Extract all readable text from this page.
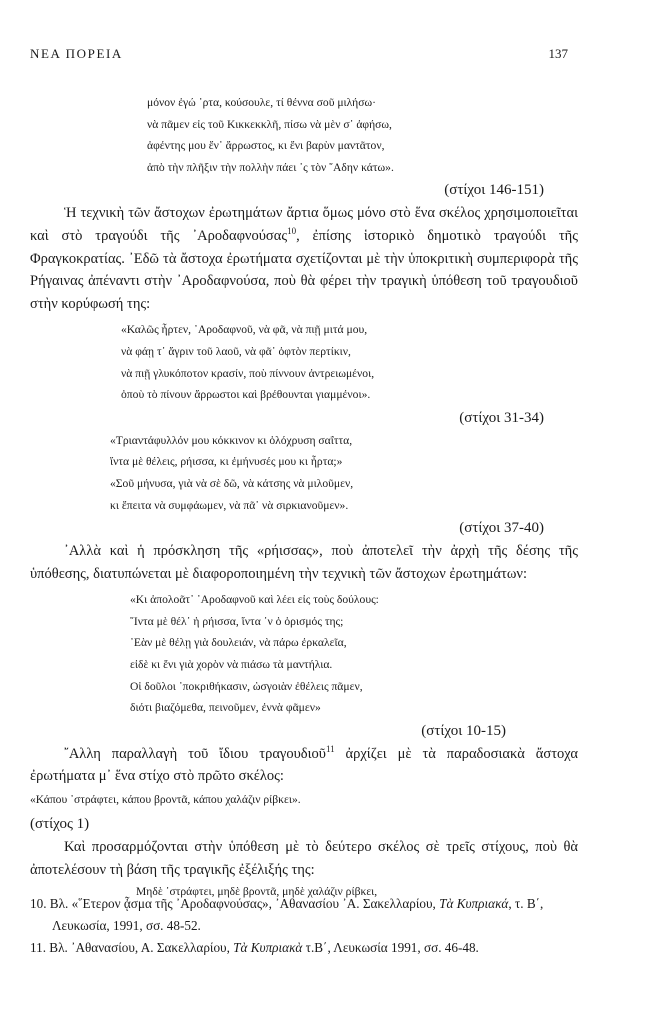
ΝΕΑ ΠΟΡΕΙΑ	137
μόνον ἐγώ ᾽ρτα, κούσουλε, τί θέννα σοῦ μιλήσω·
νὰ πᾶμεν εἰς τοῦ Κικκεκκλῆ, πίσω νὰ μὲν σ᾽ ἀφήσω,
ἀφέντης μου ἔν᾽ ἄρρωστος, κι ἔνι βαρὺν μαντᾶτον,
ἀπὸ τὴν πλῆξιν τὴν πολλὴν πάει ᾽ς τὸν ῞Αδην κάτω».
(στίχοι 146-151)
Ἡ τεχνικὴ τῶν ἄστοχων ἐρωτημάτων ἄρτια ὅμως μόνο στὸ ἕνα σκέλος χρησιμοποιεῖται καὶ στὸ τραγούδι τῆς ᾽Αροδαφνούσας$^{10}$, ἐπίσης ἱστορικὸ δημοτικὸ τραγούδι τῆς Φραγκοκρατίας. ᾽Εδῶ τὰ ἄστοχα ἐρωτήματα σχετίζονται μὲ τὴν ὑποκριτικὴ συμπεριφορὰ τῆς Ρήγαινας ἀπέναντι στὴν ᾽Αροδαφνούσα, ποὺ θὰ φέρει τὴν τραγικὴ ὑπόθεση τοῦ τραγουδιοῦ στὴν κορύφωσή της:
«Καλῶς ἦρτεν, ᾽Αροδαφνοῦ, νὰ φᾶ, νὰ πιῇ μιτά μου,
νὰ φάῃ τ᾽ ἄγριν τοῦ λαοῦ, νὰ φᾶ᾽ ὀφτὸν περτίκιν,
νὰ πιῇ γλυκόποτον κρασίν, ποὺ πίννουν ἀντρειωμένοι,
ὁποὺ τὸ πίνουν ἄρρωστοι καὶ βρέθουνται γιαμμένοι».
(στίχοι 31-34)
«Τριαντάφυλλόν μου κόκκινον κι ὁλόχρυση σαΐττα,
ἴντα μὲ θέλεις, ρήισσα, κι ἐμήνυσές μου κι ἦρτα;»
«Σοῦ μήνυσα, γιὰ νὰ σὲ δῶ, νὰ κάτσης νὰ μιλοῦμεν,
κι ἔπειτα νὰ συμφάωμεν, νὰ πᾶ᾽ νὰ σιρκιανοῦμεν».
(στίχοι 37-40)
᾽Αλλὰ καὶ ἡ πρόσκληση τῆς «ρήισσας», ποὺ ἀποτελεῖ τὴν ἀρχὴ τῆς δέσης τῆς ὑπόθεσης, διατυπώνεται μὲ διαφοροποιημένη τὴν τεχνικὴ τῶν ἄστοχων ἐρωτημάτων:
«Κι ἀπολοᾶτ᾽ ᾽Αροδαφνοῦ καὶ λέει εἰς τοὺς δούλους:
῞Ιντα μὲ θέλ᾽ ἡ ρήισσα, ἴντα ᾽ν ὁ ὁρισμός της;
᾽Εὰν μὲ θέλῃ γιὰ δουλειάν, νὰ πάρω ἐρκαλεῖα,
εἰδὲ κι ἔνι γιὰ χορὸν νὰ πιάσω τὰ μαντήλια.
Οἱ δοῦλοι ᾽ποκριθήκασιν, ὡσγοιὰν ἐθέλεις πᾶμεν,
διότι βιαζόμεθα, πεινοῦμεν, ἐννὰ φᾶμεν»
(στίχοι 10-15)
῎Αλλη παραλλαγὴ τοῦ ἴδιου τραγουδιοῦ$^{11}$ ἀρχίζει μὲ τὰ παραδοσιακὰ ἄστοχα ἐρωτήματα μ᾽ ἕνα στίχο στὸ πρῶτο σκέλος:
«Κάπου ᾽στράφτει, κάπου βροντᾶ, κάπου χαλάζιν ρίβκει».
(στίχος 1)
Καὶ προσαρμόζονται στὴν ὑπόθεση μὲ τὸ δεύτερο σκέλος σὲ τρεῖς στίχους, ποὺ θὰ ἀποτελέσουν τὴ βάση τῆς τραγικῆς ἐξέλιξής της:
Μηδὲ ᾽στράφτει, μηδὲ βροντᾶ, μηδὲ χαλάζιν ρίβκει,
10. Βλ. «῞Ετερον ᾆσμα τῆς ᾽Αροδαφνούσας», ᾽Αθανασίου ᾽Α. Σακελλαρίου, Τὰ Κυπριακά, τ. Β΄, Λευκωσία, 1991, σσ. 48-52.
11. Βλ. ᾽Αθανασίου, Α. Σακελλαρίου, Τὰ Κυπριακὰ τ.Β΄, Λευκωσία 1991, σσ. 46-48.
